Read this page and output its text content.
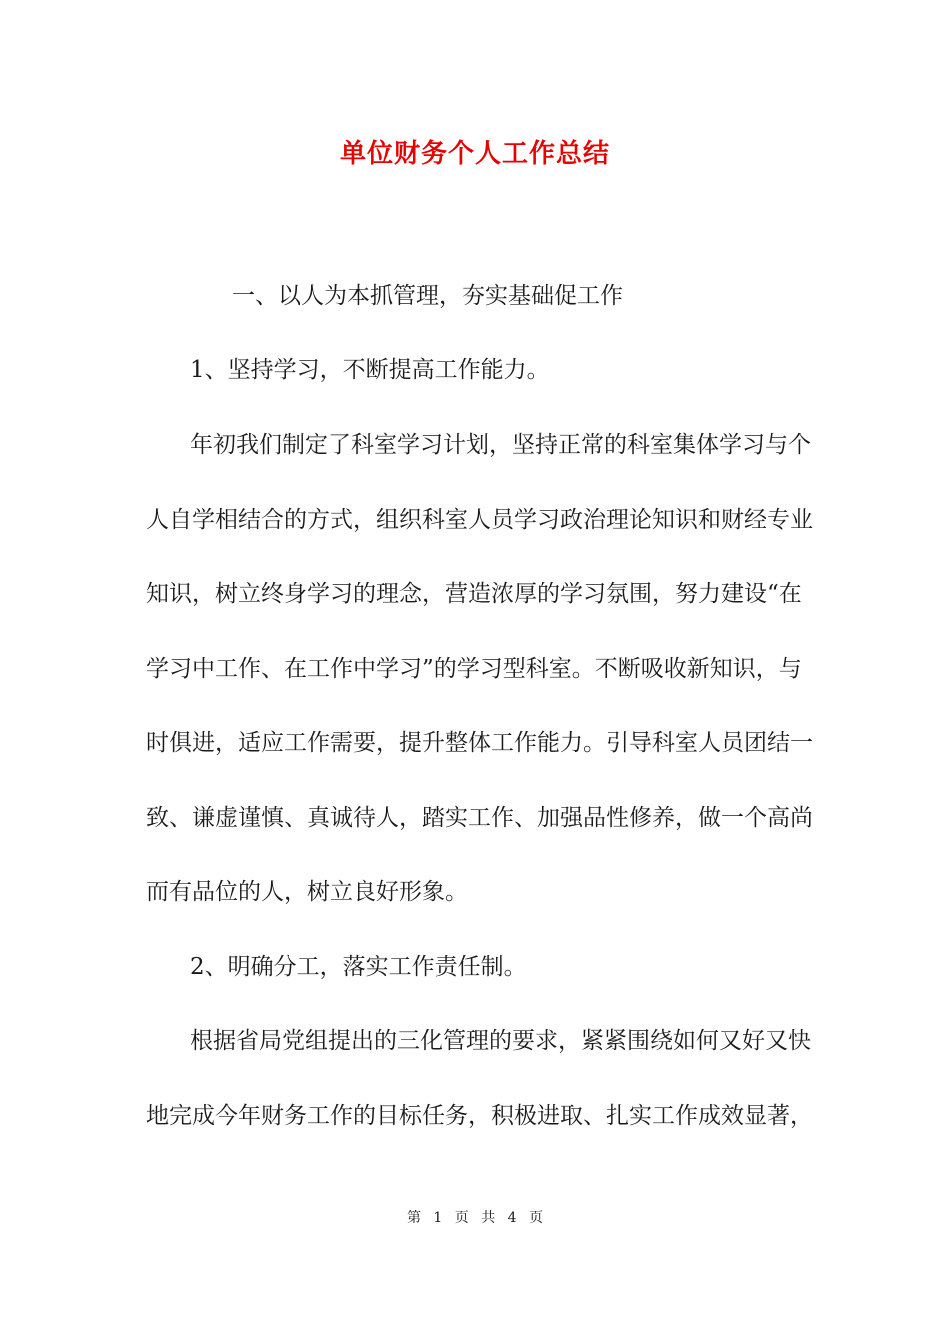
单位财务个人工作总结
一、以人为本抓管理，夯实基础促工作
1、坚持学习，不断提高工作能力。
年初我们制定了科室学习计划，坚持正常的科室集体学习与个
人自学相结合的方式，组织科室人员学习政治理论知识和财经专业
知识，树立终身学习的理念，营造浓厚的学习氛围，努力建设“在
学习中工作、在工作中学习”的学习型科室。不断吸收新知识，与
时俱进，适应工作需要，提升整体工作能力。引导科室人员团结一
致、谦虚谨慎、真诚待人，踏实工作、加强品性修养，做一个高尚
而有品位的人，树立良好形象。
2、明确分工，落实工作责任制。
根据省局党组提出的三化管理的要求，紧紧围绕如何又好又快
地完成今年财务工作的目标任务，积极进取、扎实工作成效显著，
第 1 页 共 4 页
